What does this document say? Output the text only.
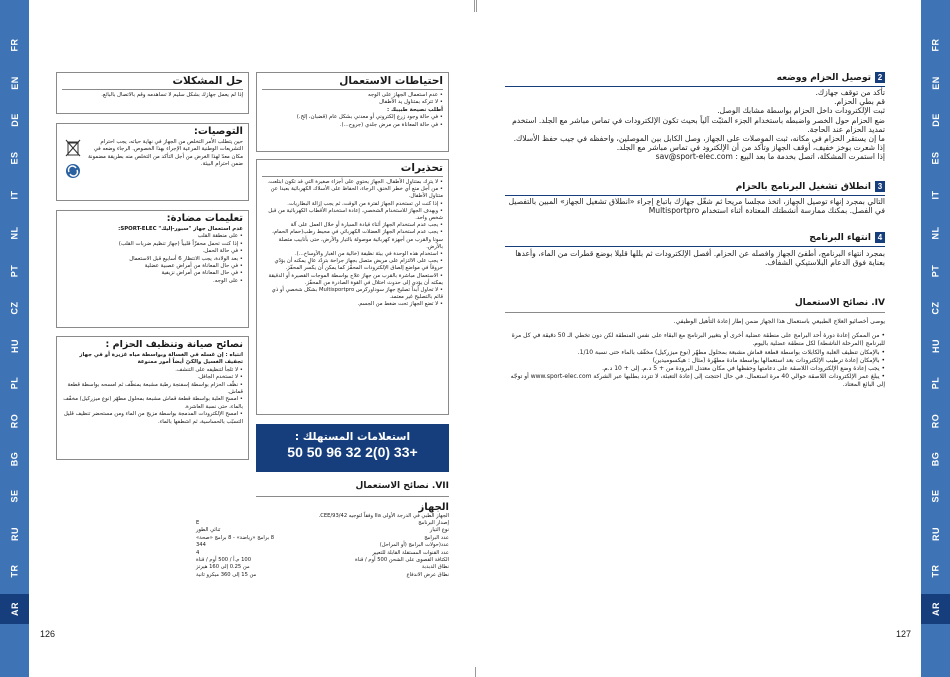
FR
EN
DE
ES
IT
NL
PT
CZ
HU
PL
RO
BG
SE
RU
TR
AR
FR
EN
DE
ES
IT
NL
PT
CZ
HU
PL
RO
BG
SE
RU
TR
AR
126	127
حل المشكلات
إذا لم يعمل جهازك بشكل سليم لا تساهدمه وقم بالاتصال بالبائع.
التوصيات:
حين يتطلب الأمر التخلص من الجهاز في نهاية حياته، يجب احترام التشريعات الوطنية المرعية الإجراء بهذا الخصوص. الرجاء وضعه في مكان معدّ لهذا الغرض من أجل التأكد من التخلص منه بطريقة مضمونة ضمن احترام البيئة.
تعليمات مضادة:
عدم استعمال جهاز "سبور-إليك" SPORT-ELEC:
• على منطقة القلب
• إذا كنت تحمل محفزّاً قلبياً (جهاز تنظيم ضربات القلب)
• في حالة الحمل.
• بعد الولادة، يجب الانتظار 6 أسابيع قبل الاستعمال
• في حال المعاناة من أمراض عصبية عضلية
• في حال المعاناة من أمراض نزيفية
• على الوجه.
نصائح صيانة وتنظيف الحزام :
انتباه : إن غسله في الغسالة وبواسطة مياه غزيرة أو في جهاز تجفيف الغسيل والكيّ أيضاً أمور ممنوعة
• لا تلجأ لتنظيفه على التنشف.
• لا تستخدم الجافل.
• نظّف الحزام بواسطة إسفنجة رطبة مشبعة بمنظّف ثم امسحه بواسطة قطعة قماش.
• امسح العلبة بواسطة قطعة قماش مشبعة بمحلول مطهّر (نوع ميزركيل) مخفّف بالماء، حتى نسبة العاشرة.
• امسح الإلكترودات المدمجة بواسطة مزيج من الماء ومن مستحضر تنظيف قليل التسبّب بالحساسية، ثم اشطفها بالماء.
احتياطات الاستعمال
• عدم استعمال الجهاز على الوجه
• لا تتركه بمتناول يد الأطفال
أطلب نصيحة طبيبك :
• في حالة وجود زرع إلكتروني أو معدني بشكل عام (قضبان، إلخ.)
• في حالة المعاناة من مرض جلدي (جروح...).
تحذيرات
• لا يترك بمتناول الأطفال. الجهاز يحتوي على أجزاء صغيرة التي قد تكون ابتلعت.
• من أجل منع أي خطر الخنق، الرجاء، الحفاظ على الأسلاك الكهربائية بعيدا عن متناول الأطفال.
• إذا كنت لن تستخدم الجهاز لفترة من الوقت، ثم يجب إزالة البطاريات.
• ويهدف الجهاز للاستخدام الشخصي. إعادة استخدام الأقطاب الكهربائية من قبل شخص واحد.
• يجب عدم استخدام الجهاز أثناء قيادة السيارة أو خلال العمل على آلة
• يجب عدم استخدام الجهاز العضلات الكهربائي في محيط رطب(حمام الحمام، سونا والقرب من أجهزة كهربائية موصولة بالتيار والأرض، حتى بأنابيب متصلة بالأرض.
• استخدام هذه الوحدة في بيئة نظيفة (خالية من الغبار والأوساخ...).
• يجب على الالتزام على مريض متصل بجهاز جراحة بتردّد عالٍ يمكنه أن يؤدّي حروقاً في مواضع إلصاق الإلكترودات المحفّز كما يمكن أن يكسر المحفّز.
• الاستعمال مباشرة بالقرب من جهاز علاج بواسطة الموجات القصيرة أو الدقيقة يمكنه أن يؤدي إلى حدوث اختلال في القوة الصادرة من المحفّز.
• لا تحاول أبداً تصليح جهاز سوداوركرس Multisportpro بشكل شخصي أو ذي قائم بالتصليح غير معتمد.
• لا تضع الجهاز تحت ضغط من الجسم.
استعلامات المستهلك :
50 50 96 32 2(0) 33+
VII. نصائح الاستعمال
الجهاز
الجهاز الطبي في الدرجة الأولى IIa وفقاً لتوجيه 93/42/CEE.
إصدار البرنامج
E
نوع التيار
ثنائي الطور
عدد البرامج
8 برامج «رياضة» - 8 برامج «صحة»
عدد(حولات البرامج (أو المراحل)
344
عدد القنوات المستقلة القابلة للتعيير
4
الكثافة القصوى على الشحن 500 أوم / قناة
100 م.أ / 500 أوم / قناة
نطاق الذبذبة
من 0.25 إلى 160 هيرتز
نطاق عرض الاندفاع
من 15 إلى 360 ميكرو ثانية
2توصيل الحزام ووضعه
تأكد من توقف جهازك.
قم بطي الحزام.
ثبت الإلكترودات داخل الحزام بواسطة مشابك الوصل.
ضع الحزام حول الخصر واضبطه باستخدام الجزء المثبّت آلياً بحيث تكون الإلكترودات في تماس مباشر مع الجلد. استخدم تمديد الحزام عند الحاجة.
ما إن يستقر الحزام في مكانه، ثبت الموصلات على الجهاز، وصل الكابل بين الموصلين، واحفظه في جيب حفظ الأسلاك.
إذا شعرت بوخز خفيف، أوقف الجهاز وتأكد من أن الإلكترود في تماس مباشر مع الجلد.
إذا استمرت المشكلة، اتصل بخدمة ما بعد البيع : sav@sport-elec.com
3انطلاق تشغيل البرنامج بالحزام
التالي بمجرد إنهاء توصيل الجهاز، اتخذ مجلسا مريحا ثم شغّل جهازك باتباع إجراء «انطلاق تشغيل الجهاز» المبين بالتفصيل في الفصل. بمكنك ممارسة أنشطتك المعتادة أثناء استخدام Multisportpro
4انتهاء البرنامج
بمجرد انتهاء البرنامج، أطفئ الجهاز وافصله عن الحزام. أفصل الإلكترودات ثم بللها قليلا بوضع قطرات من الماء، وأعدها بعناية فوق الدعام البلاستيكي الشفاف.
IV. نصائح الاستعمال
يوصى أخصائيو العلاج الطبيعي باستعمال هذا الجهاز ضمن إطار إعادة التأهيل الوظيفي.
• من الممكن إعادة دورة أحد البرامج على منطقة عضلية أخرى أو بتغيير البرنامج مع البقاء على نفس المنطقة لكن دون تخطي الـ 50 دقيقة في كل مرة للبرنامج (المرحلة الناشطة) لكل منطقة عضلية باليوم.
• بالإمكان تنظيف العلبة والكابلات بواسطة قطعة قماش مشبعة بمحلول مطهّر (نوع ميزركيل) مخفّف بالماء حتى نسبة 1/10.
• بالإمكان إعادة ترطيب الإلكترودات بعد استعمالها بواسطة مادة مطهّرة (مثال : هيكسوميدين)
• يجب إعادة وضع الإلكترودات اللاصقة على دعامتها وحفظها في مكان معتدل البرودة من + 5 د.م. إلى + 10 د.م.
• يبلغ عمر الإلكترودات اللاصقة حوالي 40 مرة استعمال. في حال احتجت إلى إعادة التعبئة، لا تتردد بطلبها عبر الشركة www.sport-elec.com أو توجّه إلى البائع المعتاد.
